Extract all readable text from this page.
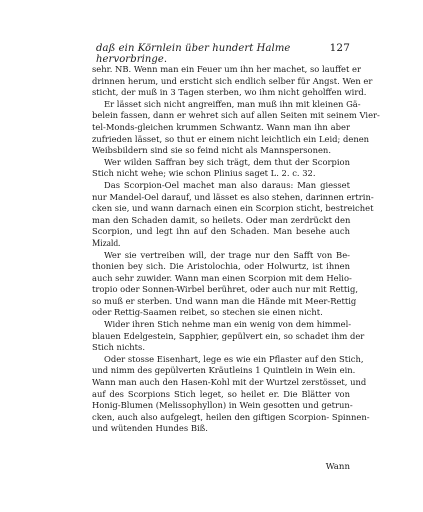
daß ein Körnlein über hundert Halme hervorbringe.
127
sehr. NB. Wenn man ein Feuer um ihn her machet, so lauffet er
drinnen herum, und ersticht sich endlich selber für Angst. Wen er
sticht, der muß in 3 Tagen sterben, wo ihm nicht geholffen wird.
Er lässet sich nicht angreiffen, man muß ihn mit kleinen Gä-
belein fassen, dann er wehret sich auf allen Seiten mit seinem Vier-
tel-Monds-gleichen krummen Schwantz. Wann man ihn aber
zufrieden lässet, so thut er einem nicht leichtlich ein Leid; denen
Weibsbildern sind sie so feind nicht als Mannspersonen.
Wer wilden Saffran bey sich trägt, dem thut der Scorpion
Stich nicht wehe; wie schon Plinius saget L. 2. c. 32.
Das Scorpion-Oel machet man also daraus: Man giesset
nur Mandel-Oel darauf, und lässet es also stehen, darinnen ertrin-
cken sie, und wann darnach einen ein Scorpion sticht, bestreichet
man den Schaden damit, so heilets. Oder man zerdrückt den
Scorpion, und legt ihn auf den Schaden. Man besehe auch
Mizald.
Wer sie vertreiben will, der trage nur den Safft von Be-
thonien bey sich. Die Aristolochia, oder Holwurtz, ist ihnen
auch sehr zuwider. Wann man einen Scorpion mit dem Helio-
tropio oder Sonnen-Wirbel berühret, oder auch nur mit Rettig,
so muß er sterben. Und wann man die Hände mit Meer-Rettig
oder Rettig-Saamen reibet, so stechen sie einen nicht.
Wider ihren Stich nehme man ein wenig von dem himmel-
blauen Edelgestein, Sapphier, gepülvert ein, so schadet ihm der
Stich nichts.
Oder stosse Eisenhart, lege es wie ein Pflaster auf den Stich,
und nimm des gepülverten Kräutleins 1 Quintlein in Wein ein.
Wann man auch den Hasen-Kohl mit der Wurtzel zerstösset, und
auf des Scorpions Stich leget, so heilet er. Die Blätter von
Honig-Blumen (Melissophyllon) in Wein gesotten und getrun-
cken, auch also aufgelegt, heilen den giftigen Scorpion- Spinnen-
und wütenden Hundes Biß.
Wann
